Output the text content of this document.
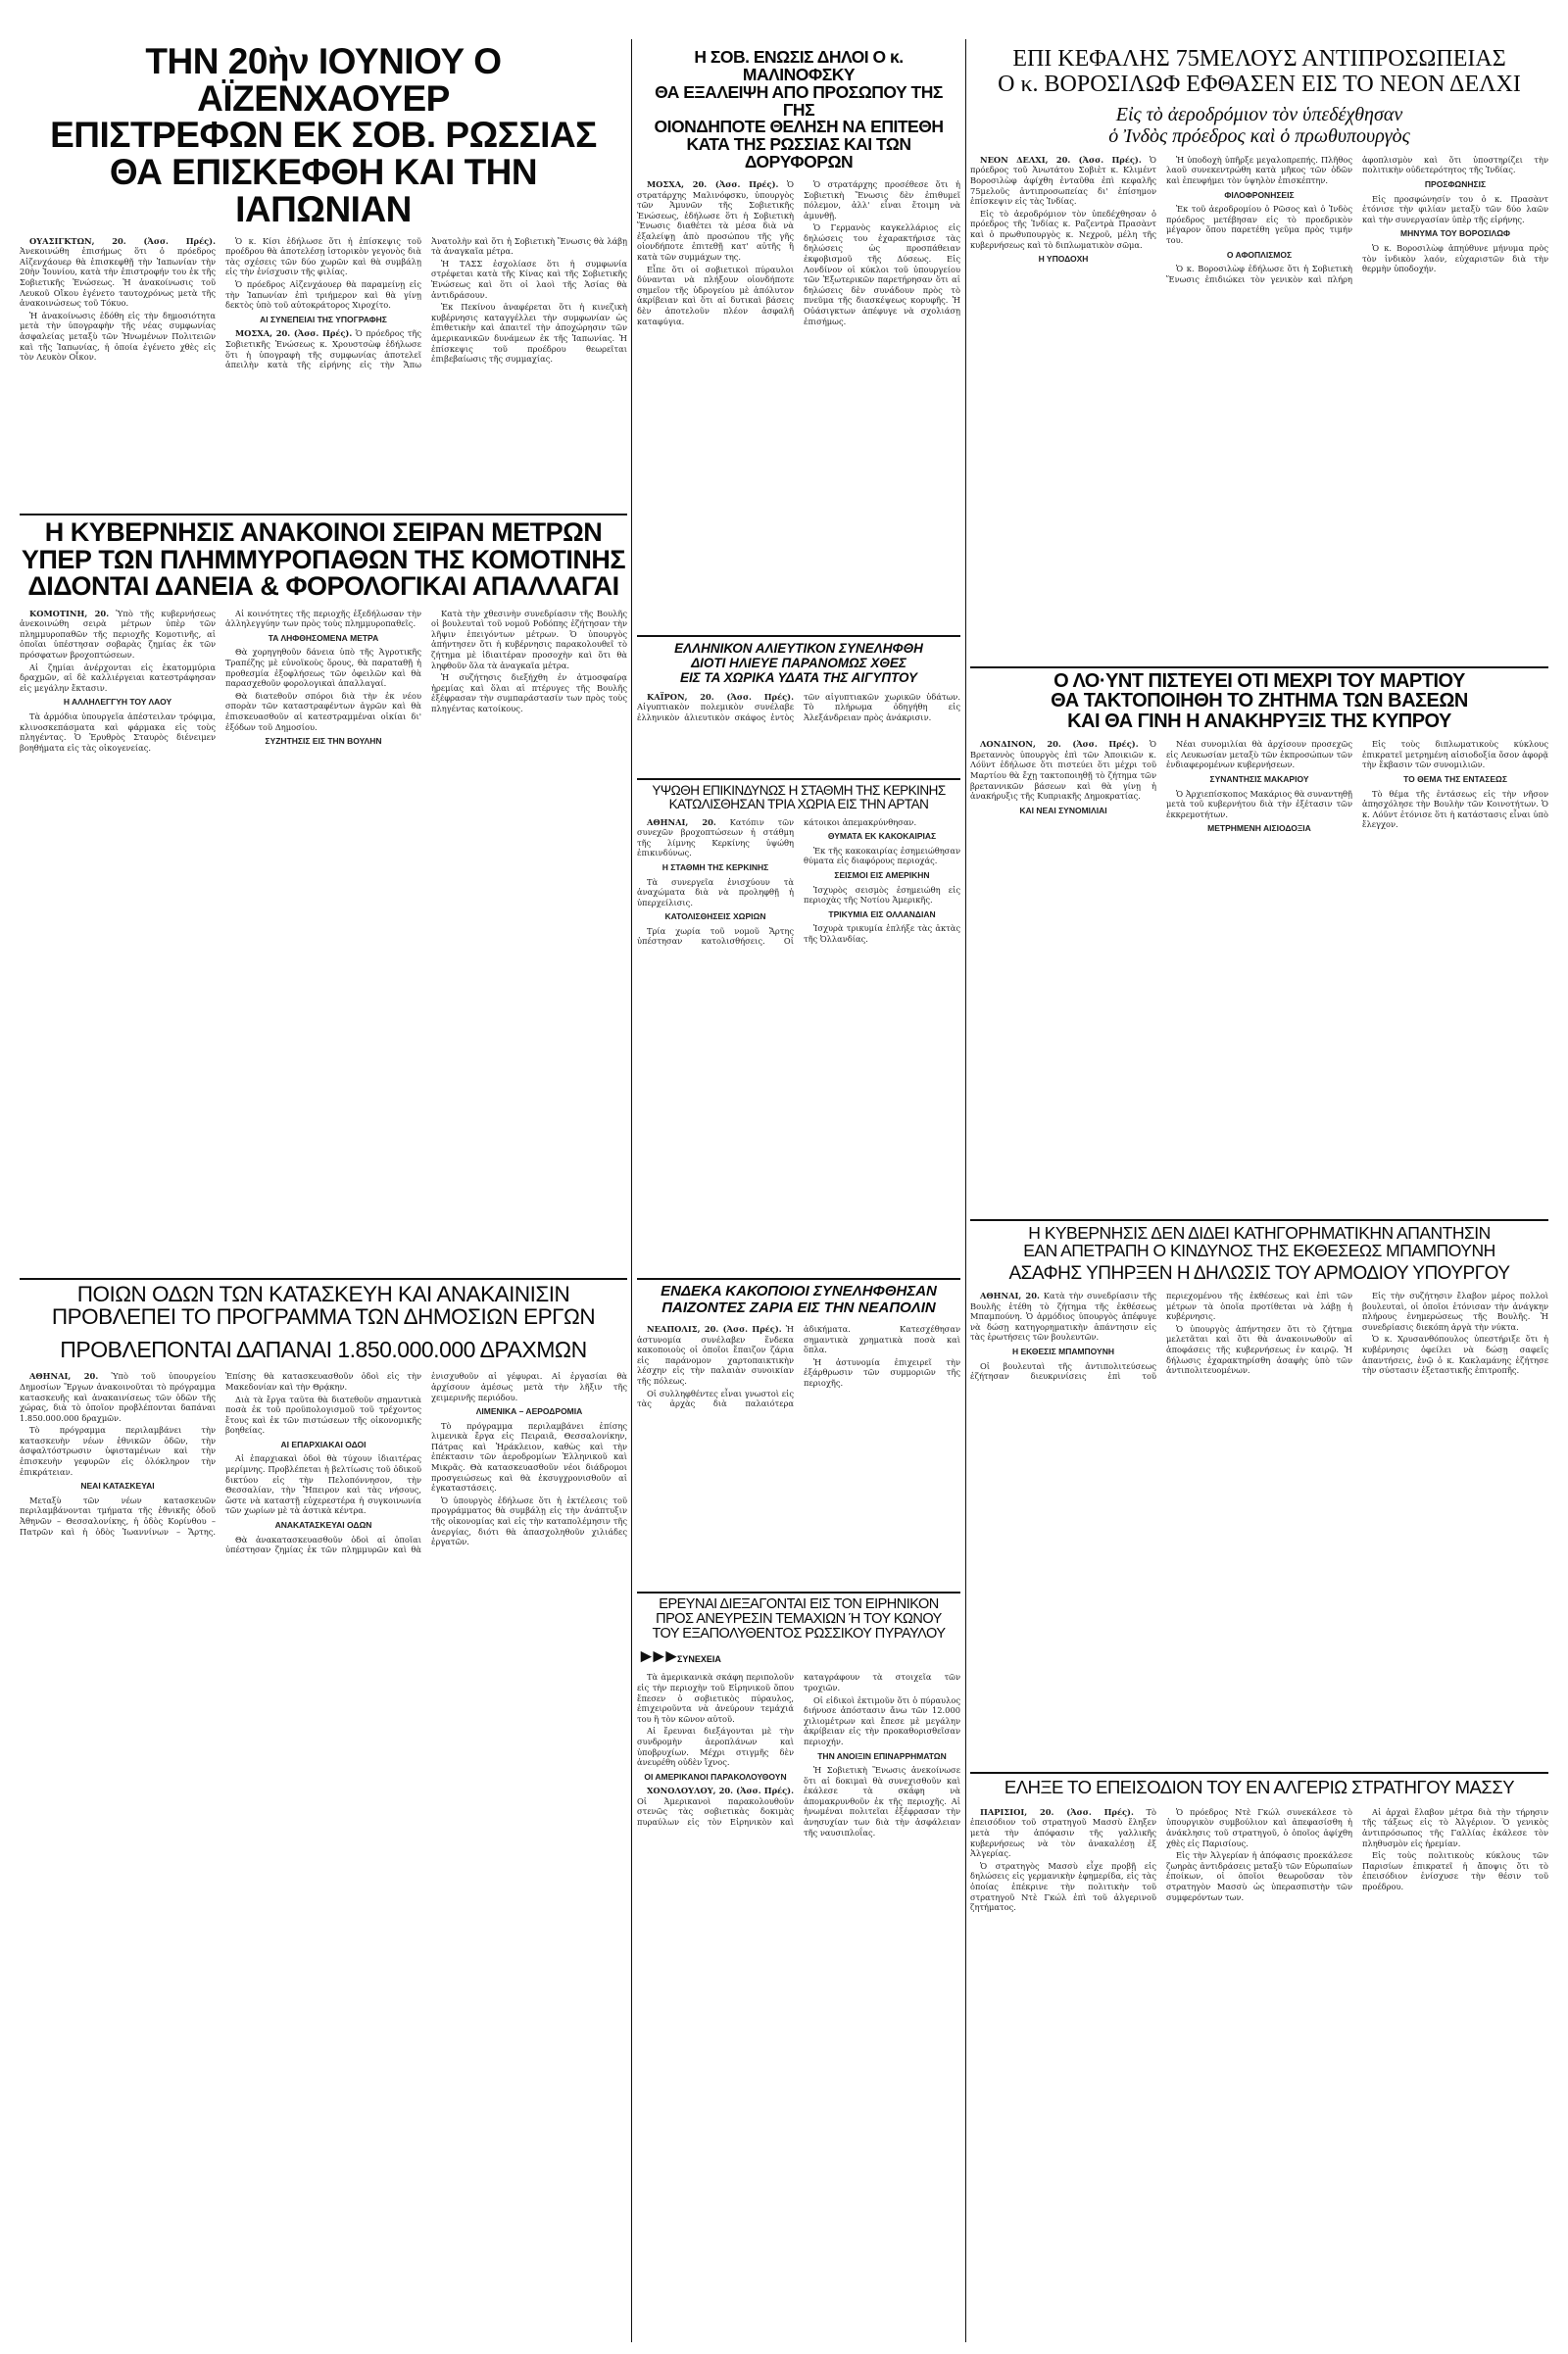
ΤΗΝ 20ὴν ΙΟΥΝΙΟΥ Ο ΑΪΖΕΝΧΑΟΥΕΡ
ΕΠΙΣΤΡΕΦΩΝ ΕΚ ΣΟΒ. ΡΩΣΣΙΑΣ
ΘΑ ΕΠΙΣΚΕΦΘΗ ΚΑΙ ΤΗΝ ΙΑΠΩΝΙΑΝ

ΟΥΑΣΙΓΚΤΩΝ, 20. (Ἀσσ. Πρές). Ἀνεκοινώθη ἐπισήμως ὅτι ὁ πρόεδρος Αἰζενχάουερ θὰ ἐπισκεφθῇ τὴν Ἰαπωνίαν τὴν 20ὴν Ἰουνίου, κατὰ τὴν ἐπιστροφήν του ἐκ τῆς Σοβιετικῆς Ἑνώσεως. Ἡ ἀνακοίνωσις τοῦ Λευκοῦ Οἴκου ἐγένετο ταυτοχρόνως μετὰ τῆς ἀνακοινώσεως τοῦ Τόκυο.

Ἡ ἀνακοίνωσις ἐδόθη εἰς τὴν δημοσιότητα μετὰ τὴν ὑπογραφὴν τῆς νέας συμφωνίας ἀσφαλείας μεταξὺ τῶν Ἡνωμένων Πολιτειῶν καὶ τῆς Ἰαπωνίας, ἡ ὁποία ἐγένετο χθὲς εἰς τὸν Λευκὸν Οἶκον.

Ὁ κ. Κίσι ἐδήλωσε ὅτι ἡ ἐπίσκεψις τοῦ προέδρου θὰ ἀποτελέσῃ ἱστορικὸν γεγονὸς διὰ τὰς σχέσεις τῶν δύο χωρῶν καὶ θὰ συμβάλῃ εἰς τὴν ἐνίσχυσιν τῆς φιλίας.

Ὁ πρόεδρος Αἰζενχάουερ θὰ παραμείνῃ εἰς τὴν Ἰαπωνίαν ἐπὶ τριήμερον καὶ θὰ γίνῃ δεκτὸς ὑπὸ τοῦ αὐτοκράτορος Χιροχίτο.

ΑΙ ΣΥΝΕΠΕΙΑΙ ΤΗΣ ΥΠΟΓΡΑΦΗΣ

ΜΟΣΧΑ, 20. (Ἀσσ. Πρές). Ὁ πρόεδρος τῆς Σοβιετικῆς Ἑνώσεως κ. Χρουστσὼφ ἐδήλωσε ὅτι ἡ ὑπογραφὴ τῆς συμφωνίας ἀποτελεῖ ἀπειλὴν κατὰ τῆς εἰρήνης εἰς τὴν Ἄπω Ἀνατολὴν καὶ ὅτι ἡ Σοβιετικὴ Ἕνωσις θὰ λάβῃ τὰ ἀναγκαῖα μέτρα.

Ἡ ΤΑΣΣ ἐσχολίασε ὅτι ἡ συμφωνία στρέφεται κατὰ τῆς Κίνας καὶ τῆς Σοβιετικῆς Ἑνώσεως καὶ ὅτι οἱ λαοὶ τῆς Ἀσίας θὰ ἀντιδράσουν.

Ἐκ Πεκίνου ἀναφέρεται ὅτι ἡ κινεζικὴ κυβέρνησις καταγγέλλει τὴν συμφωνίαν ὡς ἐπιθετικὴν καὶ ἀπαιτεῖ τὴν ἀποχώρησιν τῶν ἀμερικανικῶν δυνάμεων ἐκ τῆς Ἰαπωνίας. Ἡ ἐπίσκεψις τοῦ προέδρου θεωρεῖται ἐπιβεβαίωσις τῆς συμμαχίας.

Η ΣΟΒ. ΕΝΩΣΙΣ ΔΗΛΟΙ Ο κ. ΜΑΛΙΝΟΦΣΚΥ
ΘΑ ΕΞΑΛΕΙΨΗ ΑΠΟ ΠΡΟΣΩΠΟΥ ΤΗΣ ΓΗΣ
ΟΙΟΝΔΗΠΟΤΕ ΘΕΛΗΣΗ ΝΑ ΕΠΙΤΕΘΗ
ΚΑΤΑ ΤΗΣ ΡΩΣΣΙΑΣ ΚΑΙ ΤΩΝ ΔΟΡΥΦΟΡΩΝ

ΜΟΣΧΑ, 20. (Ἀσσ. Πρές). Ὁ στρατάρχης Μαλινόφσκυ, ὑπουργὸς τῶν Ἀμυνῶν τῆς Σοβιετικῆς Ἑνώσεως, ἐδήλωσε ὅτι ἡ Σοβιετικὴ Ἕνωσις διαθέτει τὰ μέσα διὰ νὰ ἐξαλείψῃ ἀπὸ προσώπου τῆς γῆς οἱονδήποτε ἐπιτεθῇ κατ' αὐτῆς ἢ κατὰ τῶν συμμάχων της.

Εἶπε ὅτι οἱ σοβιετικοὶ πύραυλοι δύνανται νὰ πλήξουν οἱονδήποτε σημεῖον τῆς ὑδρογείου μὲ ἀπόλυτον ἀκρίβειαν καὶ ὅτι αἱ δυτικαὶ βάσεις δὲν ἀποτελοῦν πλέον ἀσφαλῆ καταφύγια.

Ὁ στρατάρχης προσέθεσε ὅτι ἡ Σοβιετικὴ Ἕνωσις δὲν ἐπιθυμεῖ πόλεμον, ἀλλ' εἶναι ἕτοιμη νὰ ἀμυνθῇ.

Ὁ Γερμανὸς καγκελλάριος εἰς δηλώσεις του ἐχαρακτήρισε τὰς δηλώσεις ὡς προσπάθειαν ἐκφοβισμοῦ τῆς Δύσεως. Εἰς Λονδίνον οἱ κύκλοι τοῦ ὑπουργείου τῶν Ἐξωτερικῶν παρετήρησαν ὅτι αἱ δηλώσεις δὲν συνάδουν πρὸς τὸ πνεῦμα τῆς διασκέψεως κορυφῆς. Ἡ Οὐάσιγκτων ἀπέφυγε νὰ σχολιάσῃ ἐπισήμως.

ΕΠΙ ΚΕΦΑΛΗΣ 75ΜΕΛΟΥΣ ΑΝΤΙΠΡΟΣΩΠΕΙΑΣ
Ο κ. ΒΟΡΟΣΙΛΩΦ ΕΦΘΑΣΕΝ ΕΙΣ ΤΟ ΝΕΟΝ ΔΕΛΧΙ
Εἰς τὸ ἀεροδρόμιον τὸν ὑπεδέχθησαν
ὁ Ἰνδὸς πρόεδρος καὶ ὁ πρωθυπουργὸς

ΝΕΟΝ ΔΕΛΧΙ, 20. (Ἀσσ. Πρές). Ὁ πρόεδρος τοῦ Ἀνωτάτου Σοβιὲτ κ. Κλιμέντ Βοροσιλὼφ ἀφίχθη ἐνταῦθα ἐπὶ κεφαλῆς 75μελοῦς ἀντιπροσωπείας δι' ἐπίσημον ἐπίσκεψιν εἰς τὰς Ἰνδίας.

Εἰς τὸ ἀεροδρόμιον τὸν ὑπεδέχθησαν ὁ πρόεδρος τῆς Ἰνδίας κ. Ραζεντρὰ Πρασὰντ καὶ ὁ πρωθυπουργὸς κ. Νεχροῦ, μέλη τῆς κυβερνήσεως καὶ τὸ διπλωματικὸν σῶμα.

Η ΥΠΟΔΟΧΗ

Ἡ ὑποδοχὴ ὑπῆρξε μεγαλοπρεπής. Πλῆθος λαοῦ συνεκεντρώθη κατὰ μῆκος τῶν ὁδῶν καὶ ἐπευφήμει τὸν ὑψηλὸν ἐπισκέπτην.

ΦΙΛΟΦΡΟΝΗΣΕΙΣ

Ἐκ τοῦ ἀεροδρομίου ὁ Ρῶσος καὶ ὁ Ἰνδὸς πρόεδρος μετέβησαν εἰς τὸ προεδρικὸν μέγαρον ὅπου παρετέθη γεῦμα πρὸς τιμήν του.

Ο ΑΦΟΠΛΙΣΜΟΣ

Ὁ κ. Βοροσιλὼφ ἐδήλωσε ὅτι ἡ Σοβιετικὴ Ἕνωσις ἐπιδιώκει τὸν γενικὸν καὶ πλήρη ἀφοπλισμὸν καὶ ὅτι ὑποστηρίζει τὴν πολιτικὴν οὐδετερότητος τῆς Ἰνδίας.

ΠΡΟΣΦΩΝΗΣΙΣ

Εἰς προσφώνησίν του ὁ κ. Πρασὰντ ἐτόνισε τὴν φιλίαν μεταξὺ τῶν δύο λαῶν καὶ τὴν συνεργασίαν ὑπὲρ τῆς εἰρήνης.

ΜΗΝΥΜΑ ΤΟΥ ΒΟΡΟΣΙΛΩΦ

Ὁ κ. Βοροσιλὼφ ἀπηύθυνε μήνυμα πρὸς τὸν ἰνδικὸν λαόν, εὐχαριστῶν διὰ τὴν θερμὴν ὑποδοχήν.

Η ΚΥΒΕΡΝΗΣΙΣ ΑΝΑΚΟΙΝΟΙ ΣΕΙΡΑΝ ΜΕΤΡΩΝ
ΥΠΕΡ ΤΩΝ ΠΛΗΜΜΥΡΟΠΑΘΩΝ ΤΗΣ ΚΟΜΟΤΙΝΗΣ
ΔΙΔΟΝΤΑΙ ΔΑΝΕΙΑ & ΦΟΡΟΛΟΓΙΚΑΙ ΑΠΑΛΛΑΓΑΙ

ΚΟΜΟΤΙΝΗ, 20. Ὑπὸ τῆς κυβερνήσεως ἀνεκοινώθη σειρὰ μέτρων ὑπὲρ τῶν πλημμυροπαθῶν τῆς περιοχῆς Κομοτινῆς, αἱ ὁποῖαι ὑπέστησαν σοβαρὰς ζημίας ἐκ τῶν πρόσφατων βροχοπτώσεων.

Αἱ ζημίαι ἀνέρχονται εἰς ἑκατομμύρια δραχμῶν, αἱ δὲ καλλιέργειαι κατεστράφησαν εἰς μεγάλην ἔκτασιν.

Η ΑΛΛΗΛΕΓΓΥΗ ΤΟΥ ΛΑΟΥ

Τὰ ἀρμόδια ὑπουργεῖα ἀπέστειλαν τρόφιμα, κλινοσκεπάσματα καὶ φάρμακα εἰς τοὺς πληγέντας. Ὁ Ἐρυθρὸς Σταυρὸς διένειμεν βοηθήματα εἰς τὰς οἰκογενείας.

Αἱ κοινότητες τῆς περιοχῆς ἐξεδήλωσαν τὴν ἀλληλεγγύην των πρὸς τοὺς πλημμυροπαθεῖς.

ΤΑ ΛΗΦΘΗΣΟΜΕΝΑ ΜΕΤΡΑ

Θὰ χορηγηθοῦν δάνεια ὑπὸ τῆς Ἀγροτικῆς Τραπέζης μὲ εὐνοϊκοὺς ὅρους, θὰ παραταθῇ ἡ προθεσμία ἐξοφλήσεως τῶν ὀφειλῶν καὶ θὰ παρασχεθοῦν φορολογικαὶ ἀπαλλαγαί.

Θὰ διατεθοῦν σπόροι διὰ τὴν ἐκ νέου σπορὰν τῶν καταστραφέντων ἀγρῶν καὶ θὰ ἐπισκευασθοῦν αἱ κατεστραμμέναι οἰκίαι δι' ἐξόδων τοῦ Δημοσίου.

ΣΥΖΗΤΗΣΙΣ ΕΙΣ ΤΗΝ ΒΟΥΛΗΝ

Κατὰ τὴν χθεσινὴν συνεδρίασιν τῆς Βουλῆς οἱ βουλευταὶ τοῦ νομοῦ Ροδόπης ἐζήτησαν τὴν λῆψιν ἐπειγόντων μέτρων. Ὁ ὑπουργὸς ἀπήντησεν ὅτι ἡ κυβέρνησις παρακολουθεῖ τὸ ζήτημα μὲ ἰδιαιτέραν προσοχὴν καὶ ὅτι θὰ ληφθοῦν ὅλα τὰ ἀναγκαῖα μέτρα.

Ἡ συζήτησις διεξήχθη ἐν ἀτμοσφαίρᾳ ἠρεμίας καὶ ὅλαι αἱ πτέρυγες τῆς Βουλῆς ἐξέφρασαν τὴν συμπαράστασίν των πρὸς τοὺς πληγέντας κατοίκους.

ΕΛΛΗΝΙΚΟΝ ΑΛΙΕΥΤΙΚΟΝ ΣΥΝΕΛΗΦΘΗ
ΔΙΟΤΙ ΗΛΙΕΥΕ ΠΑΡΑΝΟΜΩΣ ΧΘΕΣ
ΕΙΣ ΤΑ ΧΩΡΙΚΑ ΥΔΑΤΑ ΤΗΣ ΑΙΓΥΠΤΟΥ

ΚΑΪΡΟΝ, 20. (Ἀσσ. Πρές). Αἰγυπτιακὸν πολεμικὸν συνέλαβε ἑλληνικὸν ἁλιευτικὸν σκάφος ἐντὸς τῶν αἰγυπτιακῶν χωρικῶν ὑδάτων. Τὸ πλήρωμα ὁδηγήθη εἰς Ἀλεξάνδρειαν πρὸς ἀνάκρισιν.

ΥΨΩΘΗ ΕΠΙΚΙΝΔΥΝΩΣ Η ΣΤΑΘΜΗ ΤΗΣ ΚΕΡΚΙΝΗΣ
ΚΑΤΩΛΙΣΘΗΣΑΝ ΤΡΙΑ ΧΩΡΙΑ ΕΙΣ ΤΗΝ ΑΡΤΑΝ

ΑΘΗΝΑΙ, 20. Κατόπιν τῶν συνεχῶν βροχοπτώσεων ἡ στάθμη τῆς λίμνης Κερκίνης ὑψώθη ἐπικινδύνως.

Η ΣΤΑΘΜΗ ΤΗΣ ΚΕΡΚΙΝΗΣ

Τὰ συνεργεῖα ἐνισχύουν τὰ ἀναχώματα διὰ νὰ προληφθῇ ἡ ὑπερχείλισις.

ΚΑΤΟΛΙΣΘΗΣΕΙΣ ΧΩΡΙΩΝ

Τρία χωρία τοῦ νομοῦ Ἄρτης ὑπέστησαν κατολισθήσεις. Οἱ κάτοικοι ἀπεμακρύνθησαν.

ΘΥΜΑΤΑ ΕΚ ΚΑΚΟΚΑΙΡΙΑΣ

Ἐκ τῆς κακοκαιρίας ἐσημειώθησαν θύματα εἰς διαφόρους περιοχάς.

ΣΕΙΣΜΟΙ ΕΙΣ ΑΜΕΡΙΚΗΝ

Ἰσχυρὸς σεισμὸς ἐσημειώθη εἰς περιοχὰς τῆς Νοτίου Ἀμερικῆς.

ΤΡΙΚΥΜΙΑ ΕΙΣ ΟΛΛΑΝΔΙΑΝ

Ἰσχυρὰ τρικυμία ἐπλήξε τὰς ἀκτὰς τῆς Ὀλλανδίας.

Ο ΛΟ·ΥΝΤ ΠΙΣΤΕΥΕΙ ΟΤΙ ΜΕΧΡΙ ΤΟΥ ΜΑΡΤΙΟΥ
ΘΑ ΤΑΚΤΟΠΟΙΗΘΗ ΤΟ ΖΗΤΗΜΑ ΤΩΝ ΒΑΣΕΩΝ
ΚΑΙ ΘΑ ΓΙΝΗ Η ΑΝΑΚΗΡΥΞΙΣ ΤΗΣ ΚΥΠΡΟΥ

ΛΟΝΔΙΝΟΝ, 20. (Ἀσσ. Πρές). Ὁ Βρεταννὸς ὑπουργὸς ἐπὶ τῶν Ἀποικιῶν κ. Λόϋντ ἐδήλωσε ὅτι πιστεύει ὅτι μέχρι τοῦ Μαρτίου θὰ ἔχῃ τακτοποιηθῇ τὸ ζήτημα τῶν βρεταννικῶν βάσεων καὶ θὰ γίνῃ ἡ ἀνακήρυξις τῆς Κυπριακῆς Δημοκρατίας.

ΚΑΙ ΝΕΑΙ ΣΥΝΟΜΙΛΙΑΙ

Νέαι συνομιλίαι θὰ ἀρχίσουν προσεχῶς εἰς Λευκωσίαν μεταξὺ τῶν ἐκπροσώπων τῶν ἐνδιαφερομένων κυβερνήσεων.

ΣΥΝΑΝΤΗΣΙΣ ΜΑΚΑΡΙΟΥ

Ὁ Ἀρχιεπίσκοπος Μακάριος θὰ συναντηθῇ μετὰ τοῦ κυβερνήτου διὰ τὴν ἐξέτασιν τῶν ἐκκρεμοτήτων.

ΜΕΤΡΗΜΕΝΗ ΑΙΣΙΟΔΟΞΙΑ

Εἰς τοὺς διπλωματικοὺς κύκλους ἐπικρατεῖ μετρημένη αἰσιοδοξία ὅσον ἀφορᾷ τὴν ἔκβασιν τῶν συνομιλιῶν.

ΤΟ ΘΕΜΑ ΤΗΣ ΕΝΤΑΣΕΩΣ

Τὸ θέμα τῆς ἐντάσεως εἰς τὴν νῆσον ἀπησχόλησε τὴν Βουλὴν τῶν Κοινοτήτων. Ὁ κ. Λόϋντ ἐτόνισε ὅτι ἡ κατάστασις εἶναι ὑπὸ ἔλεγχον.

ΠΟΙΩΝ ΟΔΩΝ ΤΩΝ ΚΑΤΑΣΚΕΥΗ ΚΑΙ ΑΝΑΚΑΙΝΙΣΙΝ
ΠΡΟΒΛΕΠΕΙ ΤΟ ΠΡΟΓΡΑΜΜΑ ΤΩΝ ΔΗΜΟΣΙΩΝ ΕΡΓΩΝ
ΠΡΟΒΛΕΠΟΝΤΑΙ ΔΑΠΑΝΑΙ 1.850.000.000 ΔΡΑΧΜΩΝ

ΑΘΗΝΑΙ, 20. Ὑπὸ τοῦ ὑπουργείου Δημοσίων Ἔργων ἀνακοινοῦται τὸ πρόγραμμα κατασκευῆς καὶ ἀνακαινίσεως τῶν ὁδῶν τῆς χώρας, διὰ τὸ ὁποῖον προβλέπονται δαπάναι 1.850.000.000 δραχμῶν.

Τὸ πρόγραμμα περιλαμβάνει τὴν κατασκευὴν νέων ἐθνικῶν ὁδῶν, τὴν ἀσφαλτόστρωσιν ὑφισταμένων καὶ τὴν ἐπισκευὴν γεφυρῶν εἰς ὁλόκληρον τὴν ἐπικράτειαν.

ΝΕΑΙ ΚΑΤΑΣΚΕΥΑΙ

Μεταξὺ τῶν νέων κατασκευῶν περιλαμβάνονται τμήματα τῆς ἐθνικῆς ὁδοῦ Ἀθηνῶν – Θεσσαλονίκης, ἡ ὁδὸς Κορίνθου – Πατρῶν καὶ ἡ ὁδὸς Ἰωαννίνων – Ἄρτης. Ἐπίσης θὰ κατασκευασθοῦν ὁδοὶ εἰς τὴν Μακεδονίαν καὶ τὴν Θρᾴκην.

Διὰ τὰ ἔργα ταῦτα θὰ διατεθοῦν σημαντικὰ ποσὰ ἐκ τοῦ προϋπολογισμοῦ τοῦ τρέχοντος ἔτους καὶ ἐκ τῶν πιστώσεων τῆς οἰκονομικῆς βοηθείας.

ΑΙ ΕΠΑΡΧΙΑΚΑΙ ΟΔΟΙ

Αἱ ἐπαρχιακαὶ ὁδοὶ θὰ τύχουν ἰδιαιτέρας μερίμνης. Προβλέπεται ἡ βελτίωσις τοῦ ὁδικοῦ δικτύου εἰς τὴν Πελοπόννησον, τὴν Θεσσαλίαν, τὴν Ἤπειρον καὶ τὰς νήσους, ὥστε νὰ καταστῇ εὐχερεστέρα ἡ συγκοινωνία τῶν χωρίων μὲ τὰ ἀστικὰ κέντρα.

ΑΝΑΚΑΤΑΣΚΕΥΑΙ ΟΔΩΝ

Θὰ ἀνακατασκευασθοῦν ὁδοὶ αἱ ὁποῖαι ὑπέστησαν ζημίας ἐκ τῶν πλημμυρῶν καὶ θὰ ἐνισχυθοῦν αἱ γέφυραι. Αἱ ἐργασίαι θὰ ἀρχίσουν ἀμέσως μετὰ τὴν λῆξιν τῆς χειμερινῆς περιόδου.

ΛΙΜΕΝΙΚΑ – ΑΕΡΟΔΡΟΜΙΑ

Τὸ πρόγραμμα περιλαμβάνει ἐπίσης λιμενικὰ ἔργα εἰς Πειραιᾶ, Θεσσαλονίκην, Πάτρας καὶ Ἡράκλειον, καθὼς καὶ τὴν ἐπέκτασιν τῶν ἀεροδρομίων Ἑλληνικοῦ καὶ Μικρᾶς. Θὰ κατασκευασθοῦν νέοι διάδρομοι προσγειώσεως καὶ θὰ ἐκσυγχρονισθοῦν αἱ ἐγκαταστάσεις.

Ὁ ὑπουργὸς ἐδήλωσε ὅτι ἡ ἐκτέλεσις τοῦ προγράμματος θὰ συμβάλῃ εἰς τὴν ἀνάπτυξιν τῆς οἰκονομίας καὶ εἰς τὴν καταπολέμησιν τῆς ἀνεργίας, διότι θὰ ἀπασχοληθοῦν χιλιάδες ἐργατῶν.

ΕΝΔΕΚΑ ΚΑΚΟΠΟΙΟΙ ΣΥΝΕΛΗΦΘΗΣΑΝ
ΠΑΙΖΟΝΤΕΣ ΖΑΡΙΑ ΕΙΣ ΤΗΝ ΝΕΑΠΟΛΙΝ

ΝΕΑΠΟΛΙΣ, 20. (Ἀσσ. Πρές). Ἡ ἀστυνομία συνέλαβεν ἕνδεκα κακοποιοὺς οἱ ὁποῖοι ἔπαιζον ζάρια εἰς παράνομον χαρτοπαικτικὴν λέσχην εἰς τὴν παλαιὰν συνοικίαν τῆς πόλεως.

Οἱ συλληφθέντες εἶναι γνωστοὶ εἰς τὰς ἀρχὰς διὰ παλαιότερα ἀδικήματα. Κατεσχέθησαν σημαντικὰ χρηματικὰ ποσὰ καὶ ὅπλα.

Ἡ ἀστυνομία ἐπιχειρεῖ τὴν ἐξάρθρωσιν τῶν συμμοριῶν τῆς περιοχῆς.

Η ΚΥΒΕΡΝΗΣΙΣ ΔΕΝ ΔΙΔΕΙ ΚΑΤΗΓΟΡΗΜΑΤΙΚΗΝ ΑΠΑΝΤΗΣΙΝ
ΕΑΝ ΑΠΕΤΡΑΠΗ Ο ΚΙΝΔΥΝΟΣ ΤΗΣ ΕΚΘΕΣΕΩΣ ΜΠΑΜΠΟΥΝΗ
ΑΣΑΦΗΣ ΥΠΗΡΞΕΝ Η ΔΗΛΩΣΙΣ ΤΟΥ ΑΡΜΟΔΙΟΥ ΥΠΟΥΡΓΟΥ

ΑΘΗΝΑΙ, 20. Κατὰ τὴν συνεδρίασιν τῆς Βουλῆς ἐτέθη τὸ ζήτημα τῆς ἐκθέσεως Μπαμπούνη. Ὁ ἀρμόδιος ὑπουργὸς ἀπέφυγε νὰ δώσῃ κατηγορηματικὴν ἀπάντησιν εἰς τὰς ἐρωτήσεις τῶν βουλευτῶν.

Η ΕΚΘΕΣΙΣ ΜΠΑΜΠΟΥΝΗ

Οἱ βουλευταὶ τῆς ἀντιπολιτεύσεως ἐζήτησαν διευκρινίσεις ἐπὶ τοῦ περιεχομένου τῆς ἐκθέσεως καὶ ἐπὶ τῶν μέτρων τὰ ὁποῖα προτίθεται νὰ λάβῃ ἡ κυβέρνησις.

Ὁ ὑπουργὸς ἀπήντησεν ὅτι τὸ ζήτημα μελετᾶται καὶ ὅτι θὰ ἀνακοινωθοῦν αἱ ἀποφάσεις τῆς κυβερνήσεως ἐν καιρῷ. Ἡ δήλωσις ἐχαρακτηρίσθη ἀσαφὴς ὑπὸ τῶν ἀντιπολιτευομένων.

Εἰς τὴν συζήτησιν ἔλαβον μέρος πολλοὶ βουλευταὶ, οἱ ὁποῖοι ἐτόνισαν τὴν ἀνάγκην πλήρους ἐνημερώσεως τῆς Βουλῆς. Ἡ συνεδρίασις διεκόπη ἀργὰ τὴν νύκτα.

Ὁ κ. Χρυσανθόπουλος ὑπεστήριξε ὅτι ἡ κυβέρνησις ὀφείλει νὰ δώσῃ σαφεῖς ἀπαντήσεις, ἐνῷ ὁ κ. Κακλαμάνης ἐζήτησε τὴν σύστασιν ἐξεταστικῆς ἐπιτροπῆς.

ΕΡΕΥΝΑΙ ΔΙΕΞΑΓΟΝΤΑΙ ΕΙΣ ΤΟΝ ΕΙΡΗΝΙΚΟΝ
ΠΡΟΣ ΑΝΕΥΡΕΣΙΝ ΤΕΜΑΧΙΩΝ Ή ΤΟΥ ΚΩΝΟΥ
ΤΟΥ ΕΞΑΠΟΛΥΘΕΝΤΟΣ ΡΩΣΣΙΚΟΥ ΠΥΡΑΥΛΟΥ
►►► ΣΥΝΕΧΕΙΑ

Τὰ ἀμερικανικὰ σκάφη περιπολοῦν εἰς τὴν περιοχὴν τοῦ Εἰρηνικοῦ ὅπου ἔπεσεν ὁ σοβιετικὸς πύραυλος, ἐπιχειροῦντα νὰ ἀνεύρουν τεμάχιά του ἢ τὸν κῶνον αὐτοῦ.

Αἱ ἔρευναι διεξάγονται μὲ τὴν συνδρομὴν ἀεροπλάνων καὶ ὑποβρυχίων. Μέχρι στιγμῆς δὲν ἀνευρέθη οὐδὲν ἴχνος.

ΟΙ ΑΜΕΡΙΚΑΝΟΙ ΠΑΡΑΚΟΛΟΥΘΟΥΝ

ΧΟΝΟΛΟΥΛΟΥ, 20. (Ἀσσ. Πρές). Οἱ Ἀμερικανοὶ παρακολουθοῦν στενῶς τὰς σοβιετικὰς δοκιμὰς πυραύλων εἰς τὸν Εἰρηνικὸν καὶ καταγράφουν τὰ στοιχεῖα τῶν τροχιῶν.

Οἱ εἰδικοὶ ἐκτιμοῦν ὅτι ὁ πύραυλος διήνυσε ἀπόστασιν ἄνω τῶν 12.000 χιλιομέτρων καὶ ἔπεσε μὲ μεγάλην ἀκρίβειαν εἰς τὴν προκαθορισθεῖσαν περιοχήν.

ΤΗΝ ΑΝΟΙΞΙΝ ΕΠΙΝΑΡΡΗΜΑΤΩΝ

Ἡ Σοβιετικὴ Ἕνωσις ἀνεκοίνωσε ὅτι αἱ δοκιμαὶ θὰ συνεχισθοῦν καὶ ἐκάλεσε τὰ σκάφη νὰ ἀπομακρυνθοῦν ἐκ τῆς περιοχῆς. Αἱ ἡνωμέναι πολιτεῖαι ἐξέφρασαν τὴν ἀνησυχίαν των διὰ τὴν ἀσφάλειαν τῆς ναυσιπλοΐας.

ΕΛΗΞΕ ΤΟ ΕΠΕΙΣΟΔΙΟΝ ΤΟΥ ΕΝ ΑΛΓΕΡΙΩ ΣΤΡΑΤΗΓΟΥ ΜΑΣΣΥ

ΠΑΡΙΣΙΟΙ, 20. (Ἀσσ. Πρές). Τὸ ἐπεισόδιον τοῦ στρατηγοῦ Μασσὺ ἔληξεν μετὰ τὴν ἀπόφασιν τῆς γαλλικῆς κυβερνήσεως νὰ τὸν ἀνακαλέσῃ ἐξ Ἀλγερίας.

Ὁ στρατηγὸς Μασσὺ εἶχε προβῇ εἰς δηλώσεις εἰς γερμανικὴν ἐφημερίδα, εἰς τὰς ὁποίας ἐπέκρινε τὴν πολιτικὴν τοῦ στρατηγοῦ Ντὲ Γκώλ ἐπὶ τοῦ ἀλγερινοῦ ζητήματος.

Ὁ πρόεδρος Ντὲ Γκώλ συνεκάλεσε τὸ ὑπουργικὸν συμβούλιον καὶ ἀπεφασίσθη ἡ ἀνάκλησις τοῦ στρατηγοῦ, ὁ ὁποῖος ἀφίχθη χθὲς εἰς Παρισίους.

Εἰς τὴν Ἀλγερίαν ἡ ἀπόφασις προεκάλεσε ζωηρὰς ἀντιδράσεις μεταξὺ τῶν Εὐρωπαίων ἐποίκων, οἱ ὁποῖοι θεωροῦσαν τὸν στρατηγὸν Μασσὺ ὡς ὑπερασπιστὴν τῶν συμφερόντων των.

Αἱ ἀρχαὶ ἔλαβον μέτρα διὰ τὴν τήρησιν τῆς τάξεως εἰς τὸ Ἀλγέριον. Ὁ γενικὸς ἀντιπρόσωπος τῆς Γαλλίας ἐκάλεσε τὸν πληθυσμὸν εἰς ἠρεμίαν.

Εἰς τοὺς πολιτικοὺς κύκλους τῶν Παρισίων ἐπικρατεῖ ἡ ἄποψις ὅτι τὸ ἐπεισόδιον ἐνίσχυσε τὴν θέσιν τοῦ προέδρου.
